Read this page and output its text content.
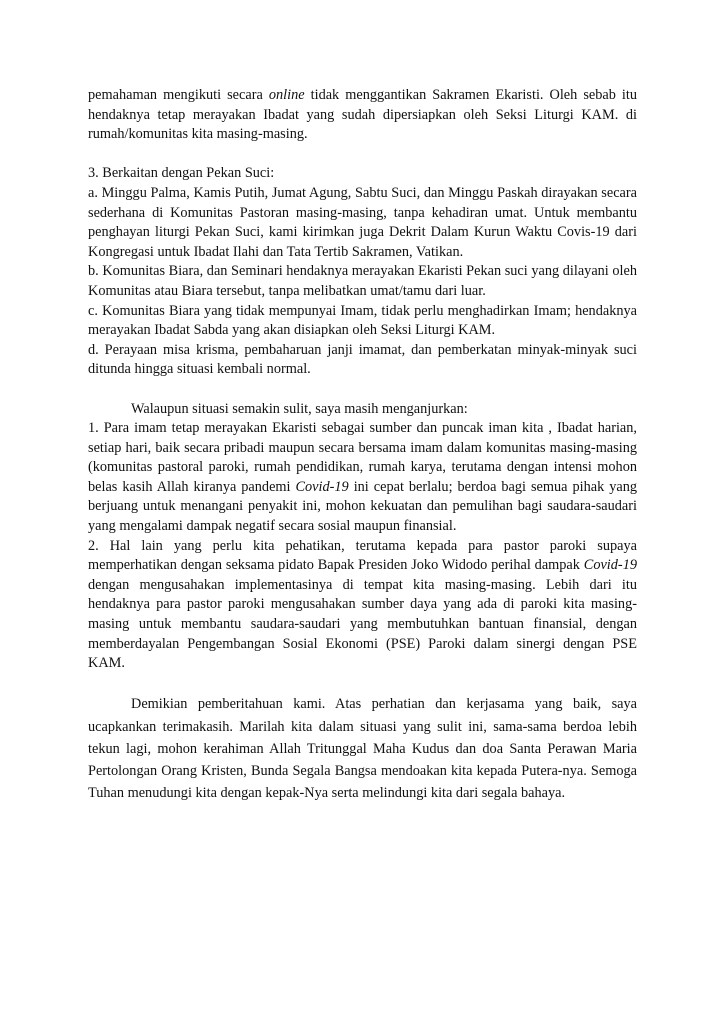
pemahaman mengikuti secara online tidak menggantikan Sakramen Ekaristi. Oleh sebab itu hendaknya tetap merayakan Ibadat yang sudah dipersiapkan oleh Seksi Liturgi KAM. di rumah/komunitas kita masing-masing.

3. Berkaitan dengan Pekan Suci:

a. Minggu Palma, Kamis Putih, Jumat Agung, Sabtu Suci, dan Minggu Paskah dirayakan secara sederhana di Komunitas Pastoran masing-masing, tanpa kehadiran umat. Untuk membantu penghayan liturgi Pekan Suci, kami kirimkan juga Dekrit Dalam Kurun Waktu Covis-19 dari Kongregasi untuk Ibadat Ilahi dan Tata Tertib Sakramen, Vatikan.

b. Komunitas Biara, dan Seminari hendaknya merayakan Ekaristi Pekan suci yang dilayani oleh Komunitas atau Biara tersebut, tanpa melibatkan umat/tamu dari luar.

c. Komunitas Biara yang tidak mempunyai Imam, tidak perlu menghadirkan Imam; hendaknya merayakan Ibadat Sabda yang akan disiapkan oleh Seksi Liturgi KAM.

d. Perayaan misa krisma, pembaharuan janji imamat, dan pemberkatan minyak-minyak suci ditunda hingga situasi kembali normal.

Walaupun situasi semakin sulit, saya masih menganjurkan:

1. Para imam tetap merayakan Ekaristi sebagai sumber dan puncak iman kita , Ibadat harian, setiap hari, baik secara pribadi maupun secara bersama imam dalam komunitas masing-masing (komunitas pastoral paroki, rumah pendidikan, rumah karya, terutama dengan intensi mohon belas kasih Allah kiranya pandemi Covid-19 ini cepat berlalu; berdoa bagi semua pihak yang berjuang untuk menangani penyakit ini, mohon kekuatan dan pemulihan bagi saudara-saudari yang mengalami dampak negatif secara sosial maupun finansial.

2. Hal lain yang perlu kita pehatikan, terutama kepada para pastor paroki supaya memperhatikan dengan seksama pidato Bapak Presiden Joko Widodo perihal dampak Covid-19 dengan mengusahakan implementasinya di tempat kita masing-masing. Lebih dari itu hendaknya para pastor paroki mengusahakan sumber daya yang ada di paroki kita masing-masing untuk membantu saudara-saudari yang membutuhkan bantuan finansial, dengan memberdayalan Pengembangan Sosial Ekonomi (PSE) Paroki dalam sinergi dengan PSE KAM.

Demikian pemberitahuan kami. Atas perhatian dan kerjasama yang baik, saya ucapkankan terimakasih. Marilah kita dalam situasi yang sulit ini, sama-sama berdoa lebih tekun lagi, mohon kerahiman Allah Tritunggal Maha Kudus dan doa Santa Perawan Maria Pertolongan Orang Kristen, Bunda Segala Bangsa mendoakan kita kepada Putera-nya. Semoga Tuhan menudungi kita dengan kepak-Nya serta melindungi kita dari segala bahaya.
